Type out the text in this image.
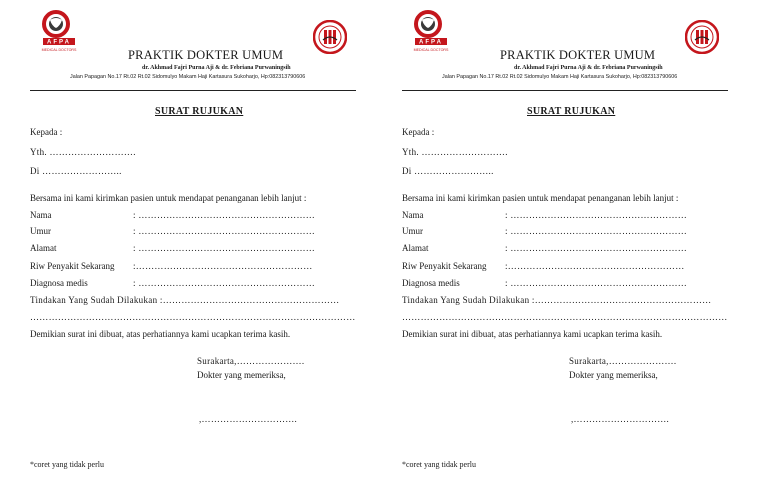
AFPA
MEDICAL DOCTORS	PRAKTIK DOKTER UMUM
dr. Akhmad Fajri Purna Aji & dr. Febriana Purwaningsih
Jalan Papagan No.17 Rt.02 Rt.02 Sidomulyo Makam Haji Kartasura Sukoharjo, Hp:082313790606
SURAT RUJUKAN
Kepada :
Yth. ……………………….
Di ……………………..
Bersama ini kami kirimkan pasien untuk mendapat penanganan lebih lanjut :
Nama	: …………………………………………………
Umur	: …………………………………………………
Alamat	: …………………………………………………
Riw Penyakit Sekarang :…………………………………………………
Diagnosa medis	: …………………………………………………
Tindakan Yang Sudah Dilakukan :…………………………………………………
……………………………………………………………………………………………
Demikian surat ini dibuat, atas perhatiannya kami ucapkan terima kasih.
Surakarta,………………….
Dokter yang memeriksa,
,………………………….
*coret yang tidak perlu
AFPA
MEDICAL DOCTORS	PRAKTIK DOKTER UMUM
dr. Akhmad Fajri Purna Aji & dr. Febriana Purwaningsih
Jalan Papagan No.17 Rt.02 Rt.02 Sidomulyo Makam Haji Kartasura Sukoharjo, Hp:082313790606
SURAT RUJUKAN
Kepada :
Yth. ……………………….
Di ……………………..
Bersama ini kami kirimkan pasien untuk mendapat penanganan lebih lanjut :
Nama	: …………………………………………………
Umur	: …………………………………………………
Alamat	: …………………………………………………
Riw Penyakit Sekarang :…………………………………………………
Diagnosa medis	: …………………………………………………
Tindakan Yang Sudah Dilakukan :…………………………………………………
……………………………………………………………………………………………
Demikian surat ini dibuat, atas perhatiannya kami ucapkan terima kasih.
Surakarta,………………….
Dokter yang memeriksa,
,………………………….
*coret yang tidak perlu
